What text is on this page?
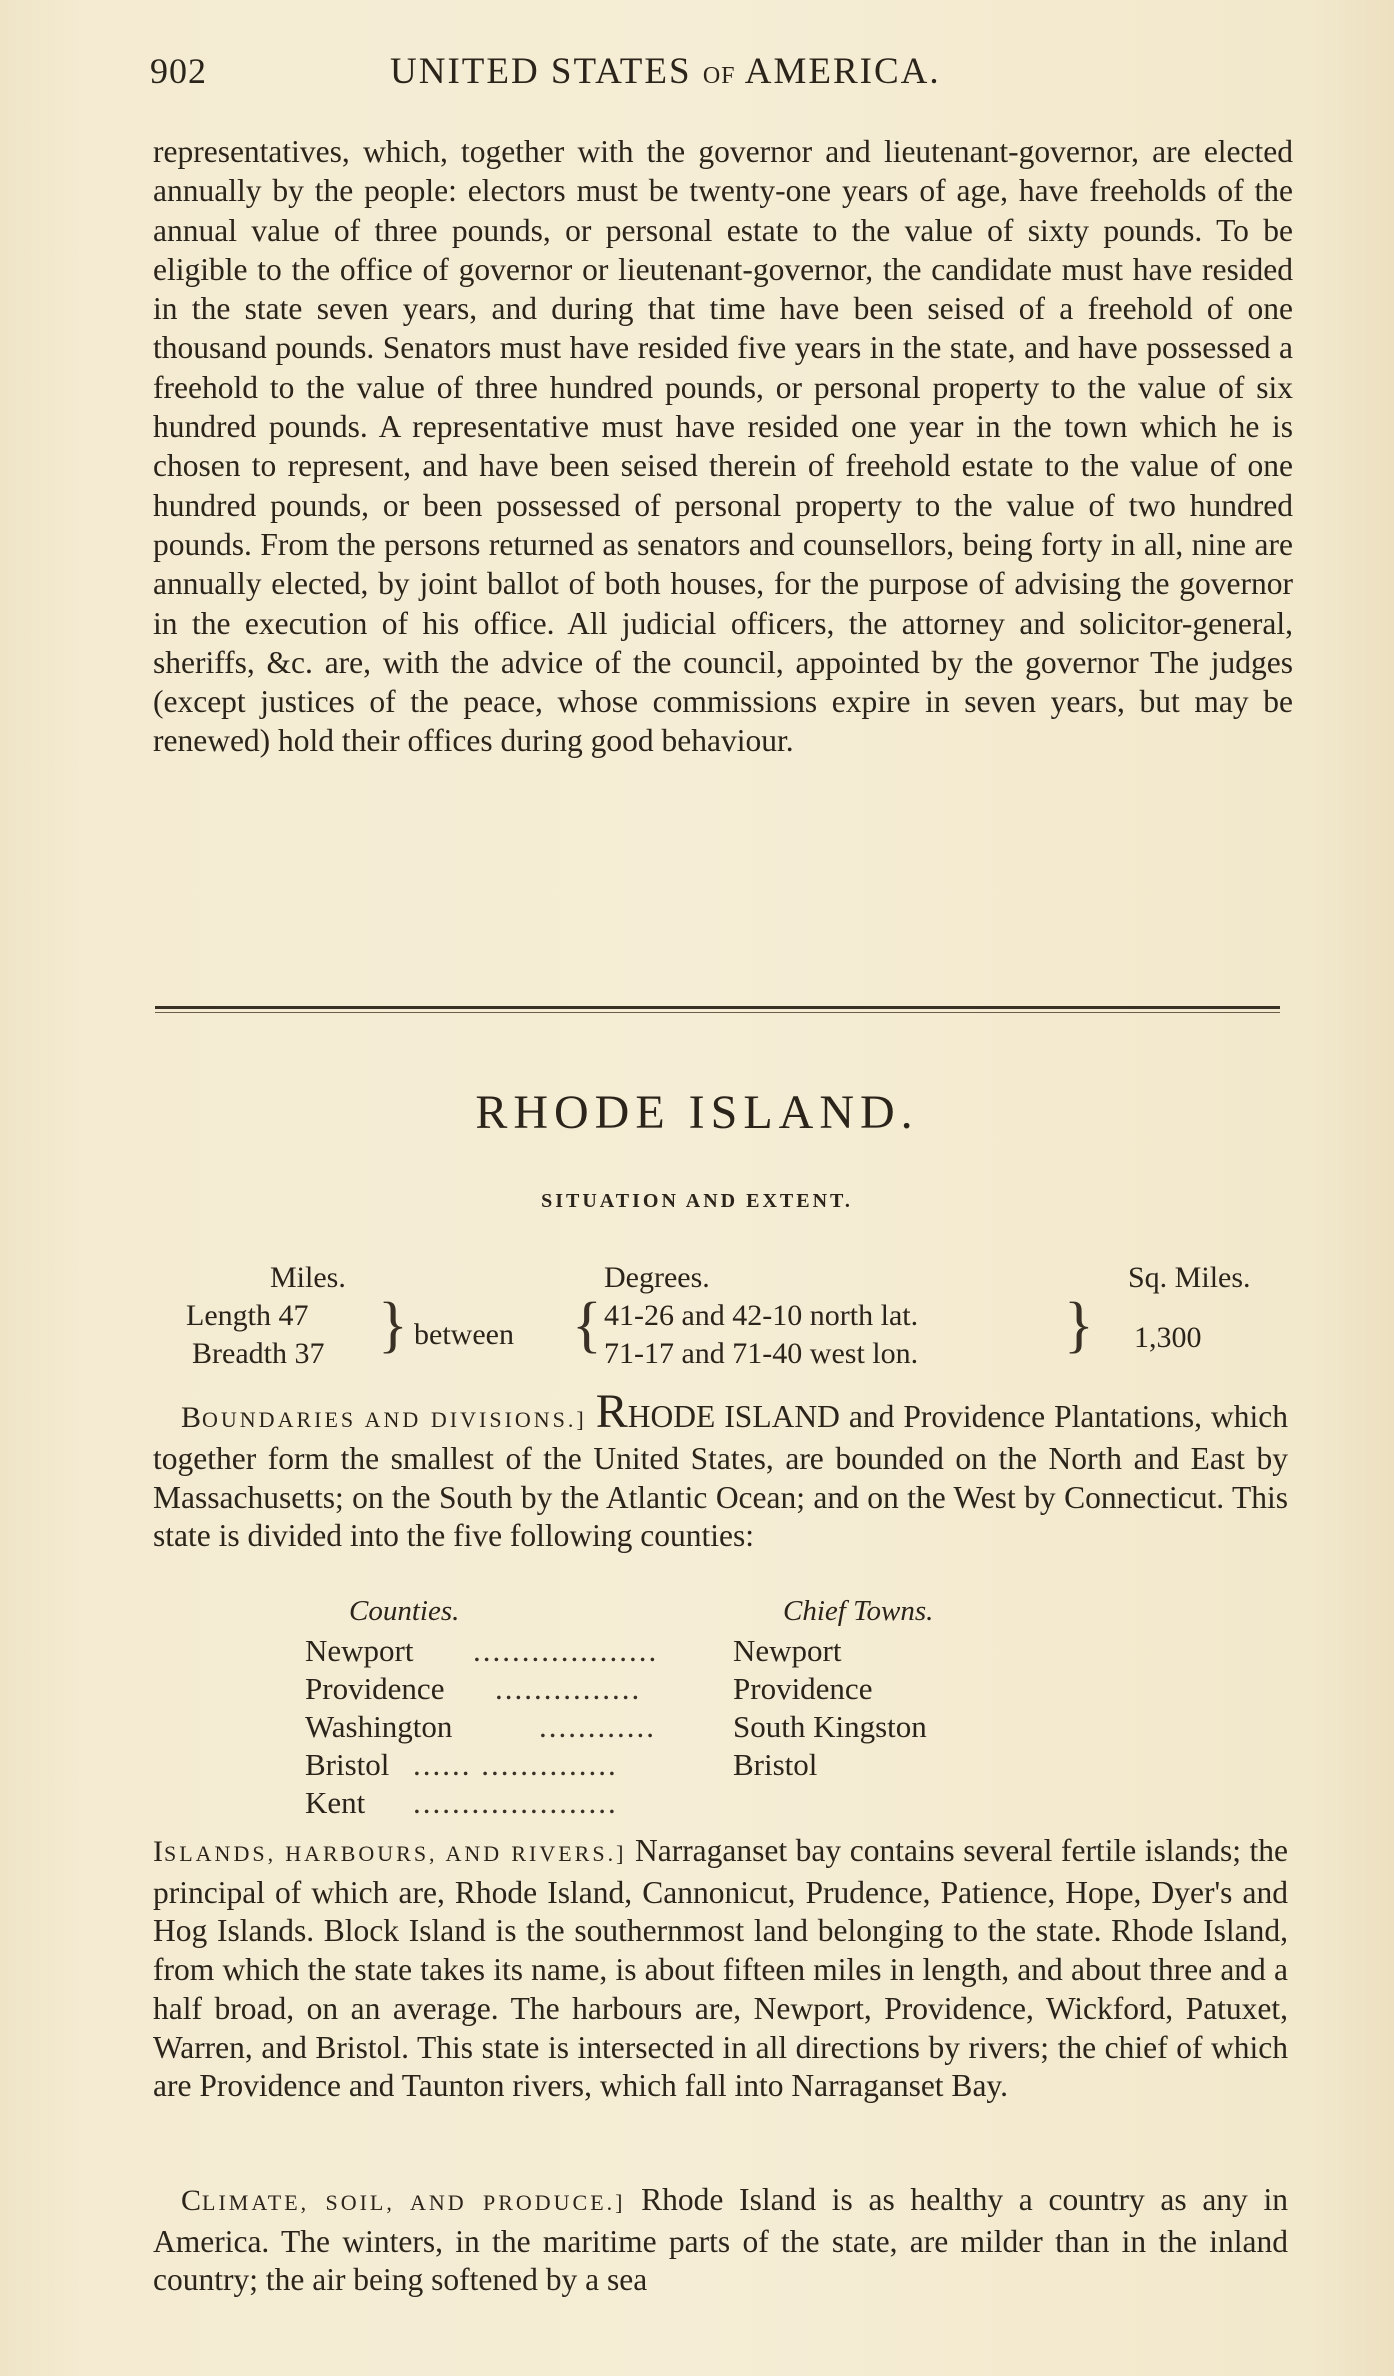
902	UNITED STATES OF AMERICA.
representatives, which, together with the governor and lieutenant-governor, are elected annually by the people: electors must be twenty-one years of age, have freeholds of the annual value of three pounds, or personal estate to the value of sixty pounds. To be eligible to the office of governor or lieutenant-governor, the candidate must have resided in the state seven years, and during that time have been seised of a freehold of one thousand pounds. Senators must have resided five years in the state, and have possessed a freehold to the value of three hundred pounds, or personal property to the value of six hundred pounds. A representative must have resided one year in the town which he is chosen to represent, and have been seised therein of freehold estate to the value of one hundred pounds, or been possessed of personal property to the value of two hundred pounds. From the persons returned as senators and counsellors, being forty in all, nine are annually elected, by joint ballot of both houses, for the purpose of advising the governor in the execution of his office. All judicial officers, the attorney and solicitor-general, sheriffs, &c. are, with the advice of the council, appointed by the governor The judges (except justices of the peace, whose commissions expire in seven years, but may be renewed) hold their offices during good behaviour.
RHODE ISLAND.
SITUATION AND EXTENT.
Miles.	Degrees.	Sq. Miles.
Length 47
Breadth 37 } between { 41-26 and 42-10 north lat.
71-17 and 71-40 west lon. } 1,300
BOUNDARIES AND DIVISIONS.] RHODE ISLAND and Providence Plantations, which together form the smallest of the United States, are bounded on the North and East by Massachusetts; on the South by the Atlantic Ocean; and on the West by Connecticut. This state is divided into the five following counties:
Counties.	Chief Towns.
Newport ................... Newport
Providence ...............	Providence
Washington	............ South Kingston
Bristol ...... ..............	Bristol
Kent .....................
ISLANDS, HARBOURS, AND RIVERS.] Narraganset bay contains several fertile islands; the principal of which are, Rhode Island, Cannonicut, Prudence, Patience, Hope, Dyer's and Hog Islands. Block Island is the southernmost land belonging to the state. Rhode Island, from which the state takes its name, is about fifteen miles in length, and about three and a half broad, on an average. The harbours are, Newport, Providence, Wickford, Patuxet, Warren, and Bristol. This state is intersected in all directions by rivers; the chief of which are Providence and Taunton rivers, which fall into Narraganset Bay.
CLIMATE, SOIL, AND PRODUCE.] Rhode Island is as healthy a country as any in America. The winters, in the maritime parts of the state, are milder than in the inland country; the air being softened by a sea
